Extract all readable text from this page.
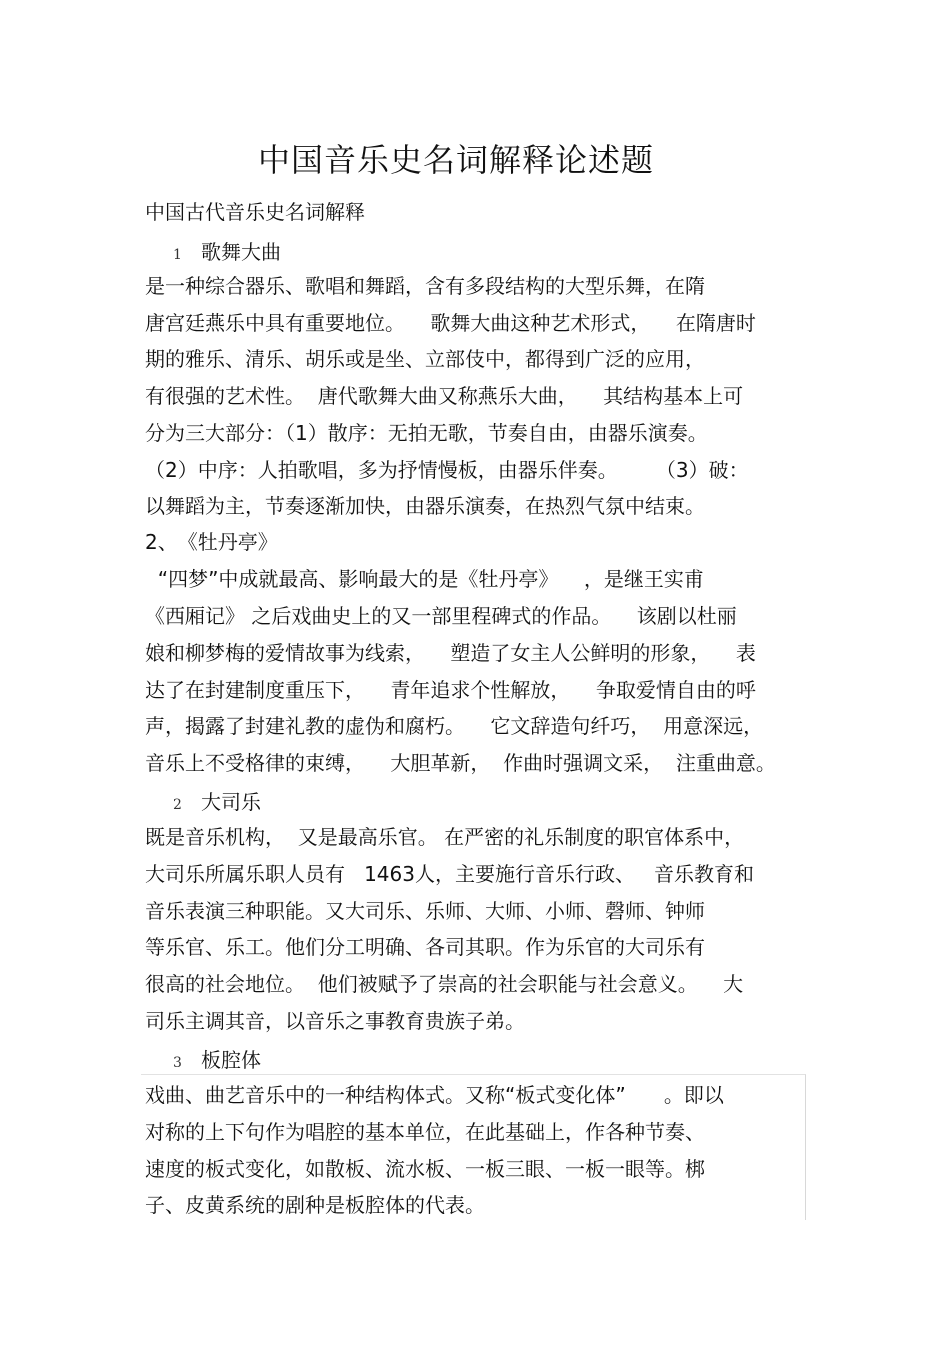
中国音乐史名词解释论述题
中国古代音乐史名词解释
1 歌舞大曲
是一种综合器乐、歌唱和舞蹈，含有多段结构的大型乐舞，在隋
唐宫廷燕乐中具有重要地位。    歌舞大曲这种艺术形式，    在隋唐时
期的雅乐、清乐、胡乐或是坐、立部伎中，都得到广泛的应用，
有很强的艺术性。  唐代歌舞大曲又称燕乐大曲，    其结构基本上可
分为三大部分：（1）散序：无拍无歌，节奏自由，由器乐演奏。
（2）中序：人拍歌唱，多为抒情慢板，由器乐伴奏。      （3）破：
以舞蹈为主，节奏逐渐加快，由器乐演奏，在热烈气氛中结束。
2、《牡丹亭》
“四梦”中成就最高、影响最大的是《牡丹亭》    ，是继王实甫
《西厢记》 之后戏曲史上的又一部里程碑式的作品。    该剧以杜丽
娘和柳梦梅的爱情故事为线索，    塑造了女主人公鲜明的形象，    表
达了在封建制度重压下，    青年追求个性解放，    争取爱情自由的呼
声，揭露了封建礼教的虚伪和腐朽。    它文辞造句纤巧，  用意深远，
音乐上不受格律的束缚，    大胆革新，  作曲时强调文采，  注重曲意。
2 大司乐
既是音乐机构，  又是最高乐官。 在严密的礼乐制度的职官体系中，
大司乐所属乐职人员有   1463人，主要施行音乐行政、   音乐教育和
音乐表演三种职能。又大司乐、乐师、大师、小师、磬师、钟师
等乐官、乐工。他们分工明确、各司其职。作为乐官的大司乐有
很高的社会地位。  他们被赋予了崇高的社会职能与社会意义。    大
司乐主调其音，以音乐之事教育贵族子弟。
3 板腔体
戏曲、曲艺音乐中的一种结构体式。又称“板式变化体”      。即以
对称的上下句作为唱腔的基本单位，在此基础上，作各种节奏、
速度的板式变化，如散板、流水板、一板三眼、一板一眼等。梆
子、皮黄系统的剧种是板腔体的代表。
